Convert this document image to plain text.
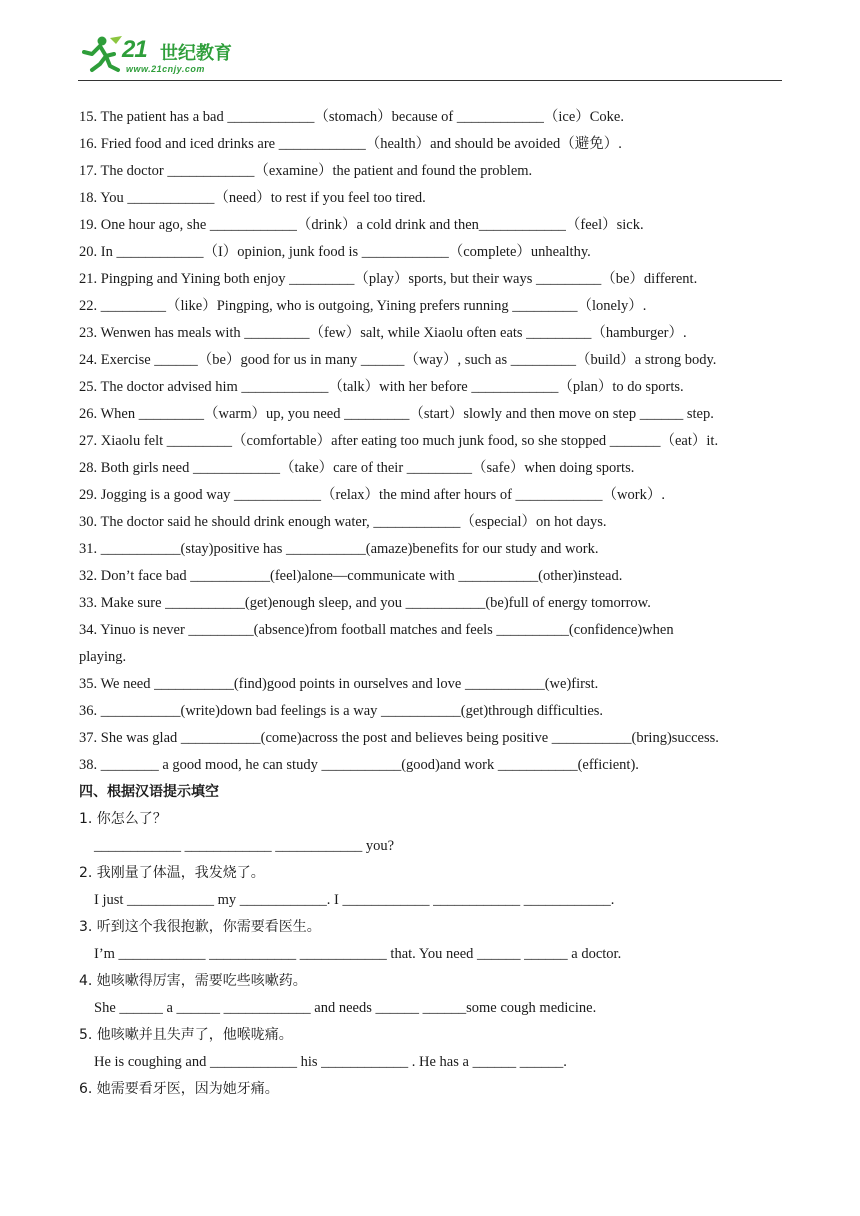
21 世纪教育
www.21cnjy.com
15. The patient has a bad ____________（stomach）because of ____________（ice）Coke.
16. Fried food and iced drinks are ____________（health）and should be avoided（避免）.
17. The doctor ____________（examine）the patient and found the problem.
18. You ____________（need）to rest if you feel too tired.
19. One hour ago, she ____________（drink）a cold drink and then____________（feel）sick.
20. In ____________（I）opinion, junk food is ____________（complete）unhealthy.
21. Pingping and Yining both enjoy _________（play）sports, but their ways _________（be）different.
22. _________（like）Pingping, who is outgoing, Yining prefers running _________（lonely）.
23. Wenwen has meals with _________（few）salt, while Xiaolu often eats _________（hamburger）.
24. Exercise ______（be）good for us in many ______（way）, such as _________（build）a strong body.
25. The doctor advised him ____________（talk）with her before ____________（plan）to do sports.
26. When _________（warm）up, you need _________（start）slowly and then move on step ______ step.
27. Xiaolu felt _________（comfortable）after eating too much junk food, so she stopped _______（eat）it.
28. Both girls need ____________（take）care of their _________（safe）when doing sports.
29. Jogging is a good way ____________（relax）the mind after hours of ____________（work）.
30. The doctor said he should drink enough water, ____________（especial）on hot days.
31. ___________(stay)positive has ___________(amaze)benefits for our study and work.
32. Don’t face bad ___________(feel)alone—communicate with ___________(other)instead.
33. Make sure ___________(get)enough sleep, and you ___________(be)full of energy tomorrow.
34. Yinuo is never _________(absence)from football matches and feels __________(confidence)when
playing.
35. We need ___________(find)good points in ourselves and love ___________(we)first.
36. ___________(write)down bad feelings is a way ___________(get)through difficulties.
37. She was glad ___________(come)across the post and believes being positive ___________(bring)success.
38. ________ a good mood, he can study ___________(good)and work ___________(efficient).
四、根据汉语提示填空
1. 你怎么了？
____________ ____________ ____________ you?
2. 我刚量了体温，我发烧了。
I just ____________ my ____________. I ____________ ____________ ____________.
3. 听到这个我很抱歉，你需要看医生。
I’m ____________ ____________ ____________ that. You need ______ ______ a doctor.
4. 她咳嗽得厉害，需要吃些咳嗽药。
She ______ a ______ ____________ and needs ______ ______some cough medicine.
5. 他咳嗽并且失声了，他喉咙痛。
He is coughing and ____________ his ____________ . He has a ______ ______.
6. 她需要看牙医，因为她牙痛。
